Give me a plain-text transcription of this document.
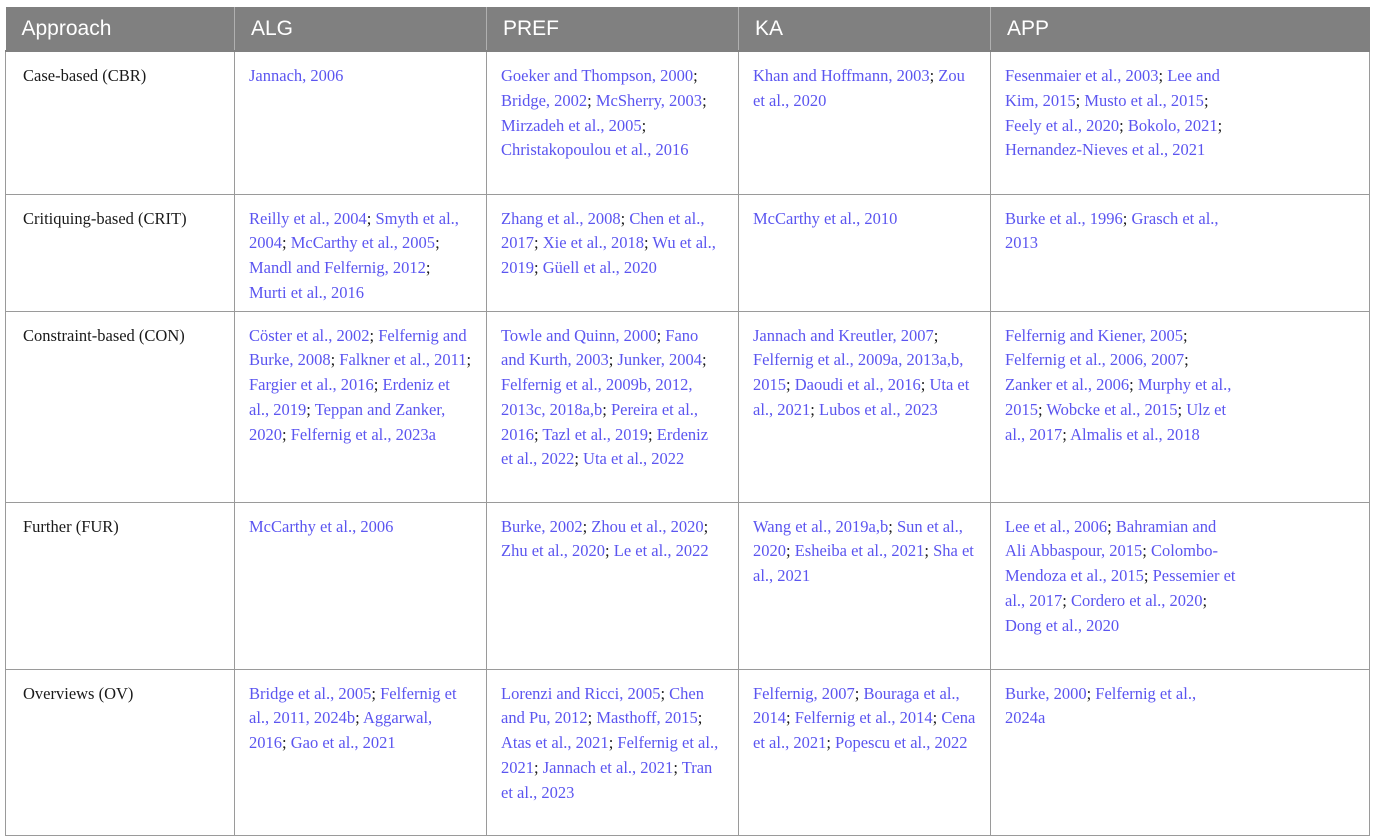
Approach	ALG	PREF	KA	APP
Case-based (CBR)	Jannach, 2006	Goeker and Thompson, 2000; Bridge, 2002; McSherry, 2003; Mirzadeh et al., 2005; Christakopoulou et al., 2016	Khan and Hoffmann, 2003; Zou et al., 2020	Fesenmaier et al., 2003; Lee and Kim, 2015; Musto et al., 2015; Feely et al., 2020; Bokolo, 2021; Hernandez-Nieves et al., 2021
Critiquing-based (CRIT)	Reilly et al., 2004; Smyth et al., 2004; McCarthy et al., 2005; Mandl and Felfernig, 2012; Murti et al., 2016	Zhang et al., 2008; Chen et al., 2017; Xie et al., 2018; Wu et al., 2019; Güell et al., 2020	McCarthy et al., 2010	Burke et al., 1996; Grasch et al., 2013
Constraint-based (CON)	Cöster et al., 2002; Felfernig and Burke, 2008; Falkner et al., 2011; Fargier et al., 2016; Erdeniz et al., 2019; Teppan and Zanker, 2020; Felfernig et al., 2023a	Towle and Quinn, 2000; Fano and Kurth, 2003; Junker, 2004; Felfernig et al., 2009b, 2012, 2013c, 2018a,b; Pereira et al., 2016; Tazl et al., 2019; Erdeniz et al., 2022; Uta et al., 2022	Jannach and Kreutler, 2007; Felfernig et al., 2009a, 2013a,b, 2015; Daoudi et al., 2016; Uta et al., 2021; Lubos et al., 2023	Felfernig and Kiener, 2005; Felfernig et al., 2006, 2007; Zanker et al., 2006; Murphy et al., 2015; Wobcke et al., 2015; Ulz et al., 2017; Almalis et al., 2018
Further (FUR)	McCarthy et al., 2006	Burke, 2002; Zhou et al., 2020; Zhu et al., 2020; Le et al., 2022	Wang et al., 2019a,b; Sun et al., 2020; Esheiba et al., 2021; Sha et al., 2021	Lee et al., 2006; Bahramian and Ali Abbaspour, 2015; Colombo-Mendoza et al., 2015; Pessemier et al., 2017; Cordero et al., 2020; Dong et al., 2020
Overviews (OV)	Bridge et al., 2005; Felfernig et al., 2011, 2024b; Aggarwal, 2016; Gao et al., 2021	Lorenzi and Ricci, 2005; Chen and Pu, 2012; Masthoff, 2015; Atas et al., 2021; Felfernig et al., 2021; Jannach et al., 2021; Tran et al., 2023	Felfernig, 2007; Bouraga et al., 2014; Felfernig et al., 2014; Cena et al., 2021; Popescu et al., 2022	Burke, 2000; Felfernig et al., 2024a
